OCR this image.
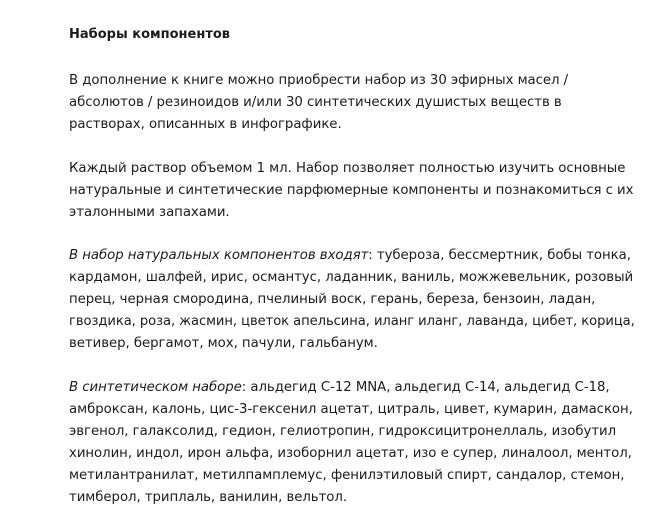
Наборы компонентов
В дополнение к книге можно приобрести набор из 30 эфирных масел /
абсолютов / резиноидов и/или 30 синтетических душистых веществ в
растворах, описанных в инфографике.
Каждый раствор объемом 1 мл. Набор позволяет полностью изучить основные
натуральные и синтетические парфюмерные компоненты и познакомиться с их
эталонными запахами.
В набор натуральных компонентов входят: тубероза, бессмертник, бобы тонка,
кардамон, шалфей, ирис, османтус, ладанник, ваниль, можжевельник, розовый
перец, черная смородина, пчелиный воск, герань, береза, бензоин, ладан,
гвоздика, роза, жасмин, цветок апельсина, иланг иланг, лаванда, цибет, корица,
ветивер, бергамот, мох, пачули, гальбанум.
В синтетическом наборе: альдегид C-12 MNA, альдегид C-14, альдегид C-18,
амброксан, калонь, цис-3-гексенил ацетат, цитраль, цивет, кумарин, дамаскон,
эвгенол, галаксолид, гедион, гелиотропин, гидроксицитронеллаль, изобутил
хинолин, индол, ирон альфа, изоборнил ацетат, изо е супер, линалоол, ментол,
метилантранилат, метилпамплемус, фенилэтиловый спирт, сандалор, стемон,
тимберол, триплаль, ванилин, вельтол.
